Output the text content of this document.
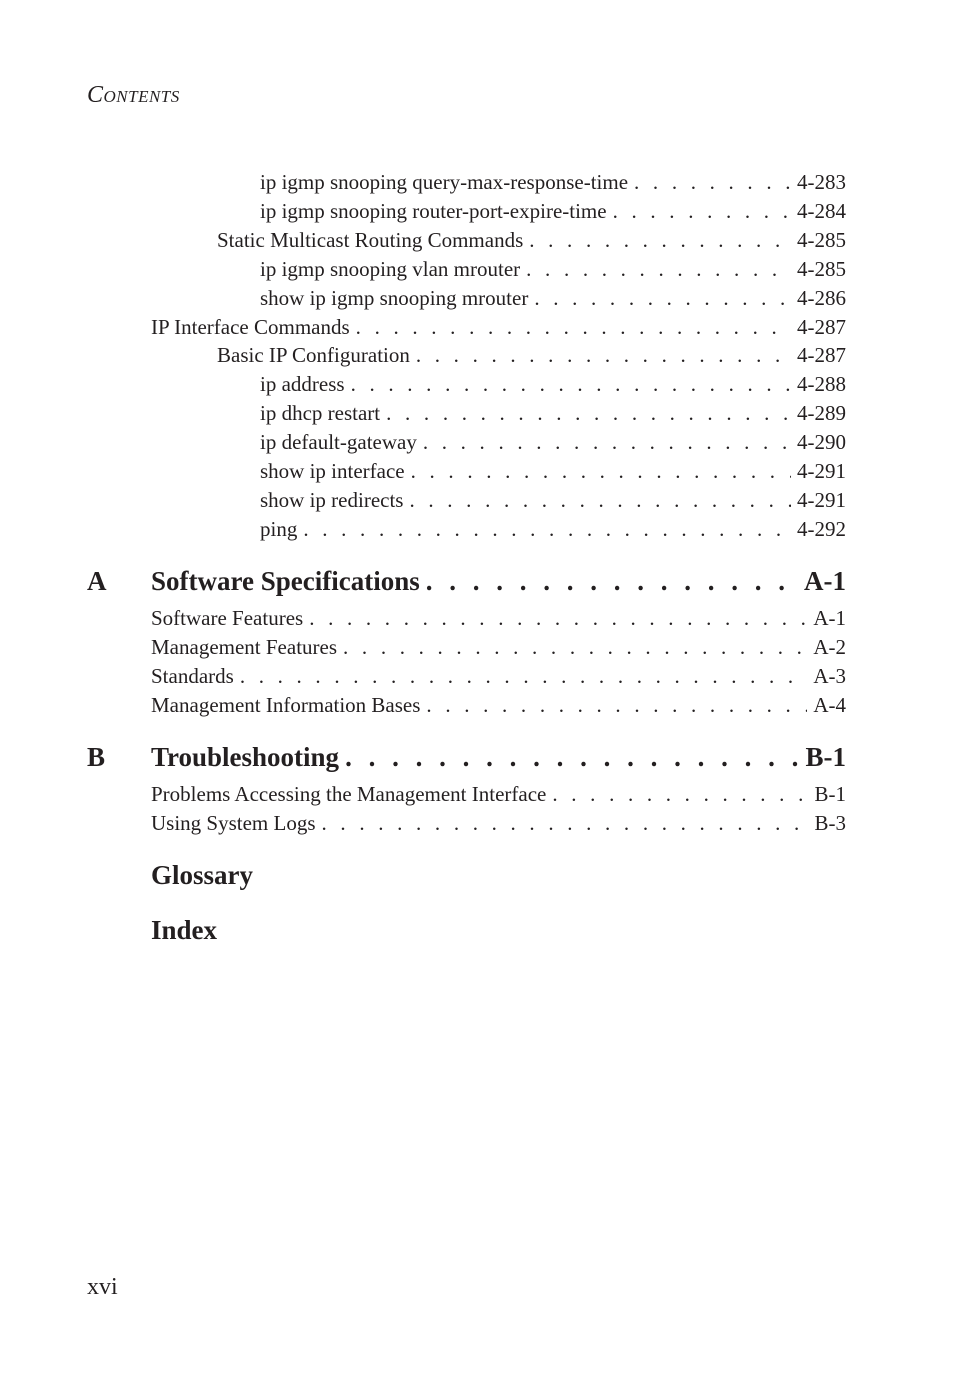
Contents
ip igmp snooping query-max-response-time . . .	4-283
ip igmp snooping router-port-expire-time . . .	4-284
Static Multicast Routing Commands . . .	4-285
ip igmp snooping vlan mrouter . . .	4-285
show ip igmp snooping mrouter . . .	4-286
IP Interface Commands . . .	4-287
Basic IP Configuration . . .	4-287
ip address . . .	4-288
ip dhcp restart . . .	4-289
ip default-gateway . . .	4-290
show ip interface . . .	4-291
show ip redirects . . .	4-291
ping . . .	4-292
A Software Specifications . . .	A-1
Software Features . . .	A-1
Management Features . . .	A-2
Standards . . .	A-3
Management Information Bases . . .	A-4
B Troubleshooting . . .	B-1
Problems Accessing the Management Interface . . .	B-1
Using System Logs . . .	B-3
Glossary
Index
xvi
